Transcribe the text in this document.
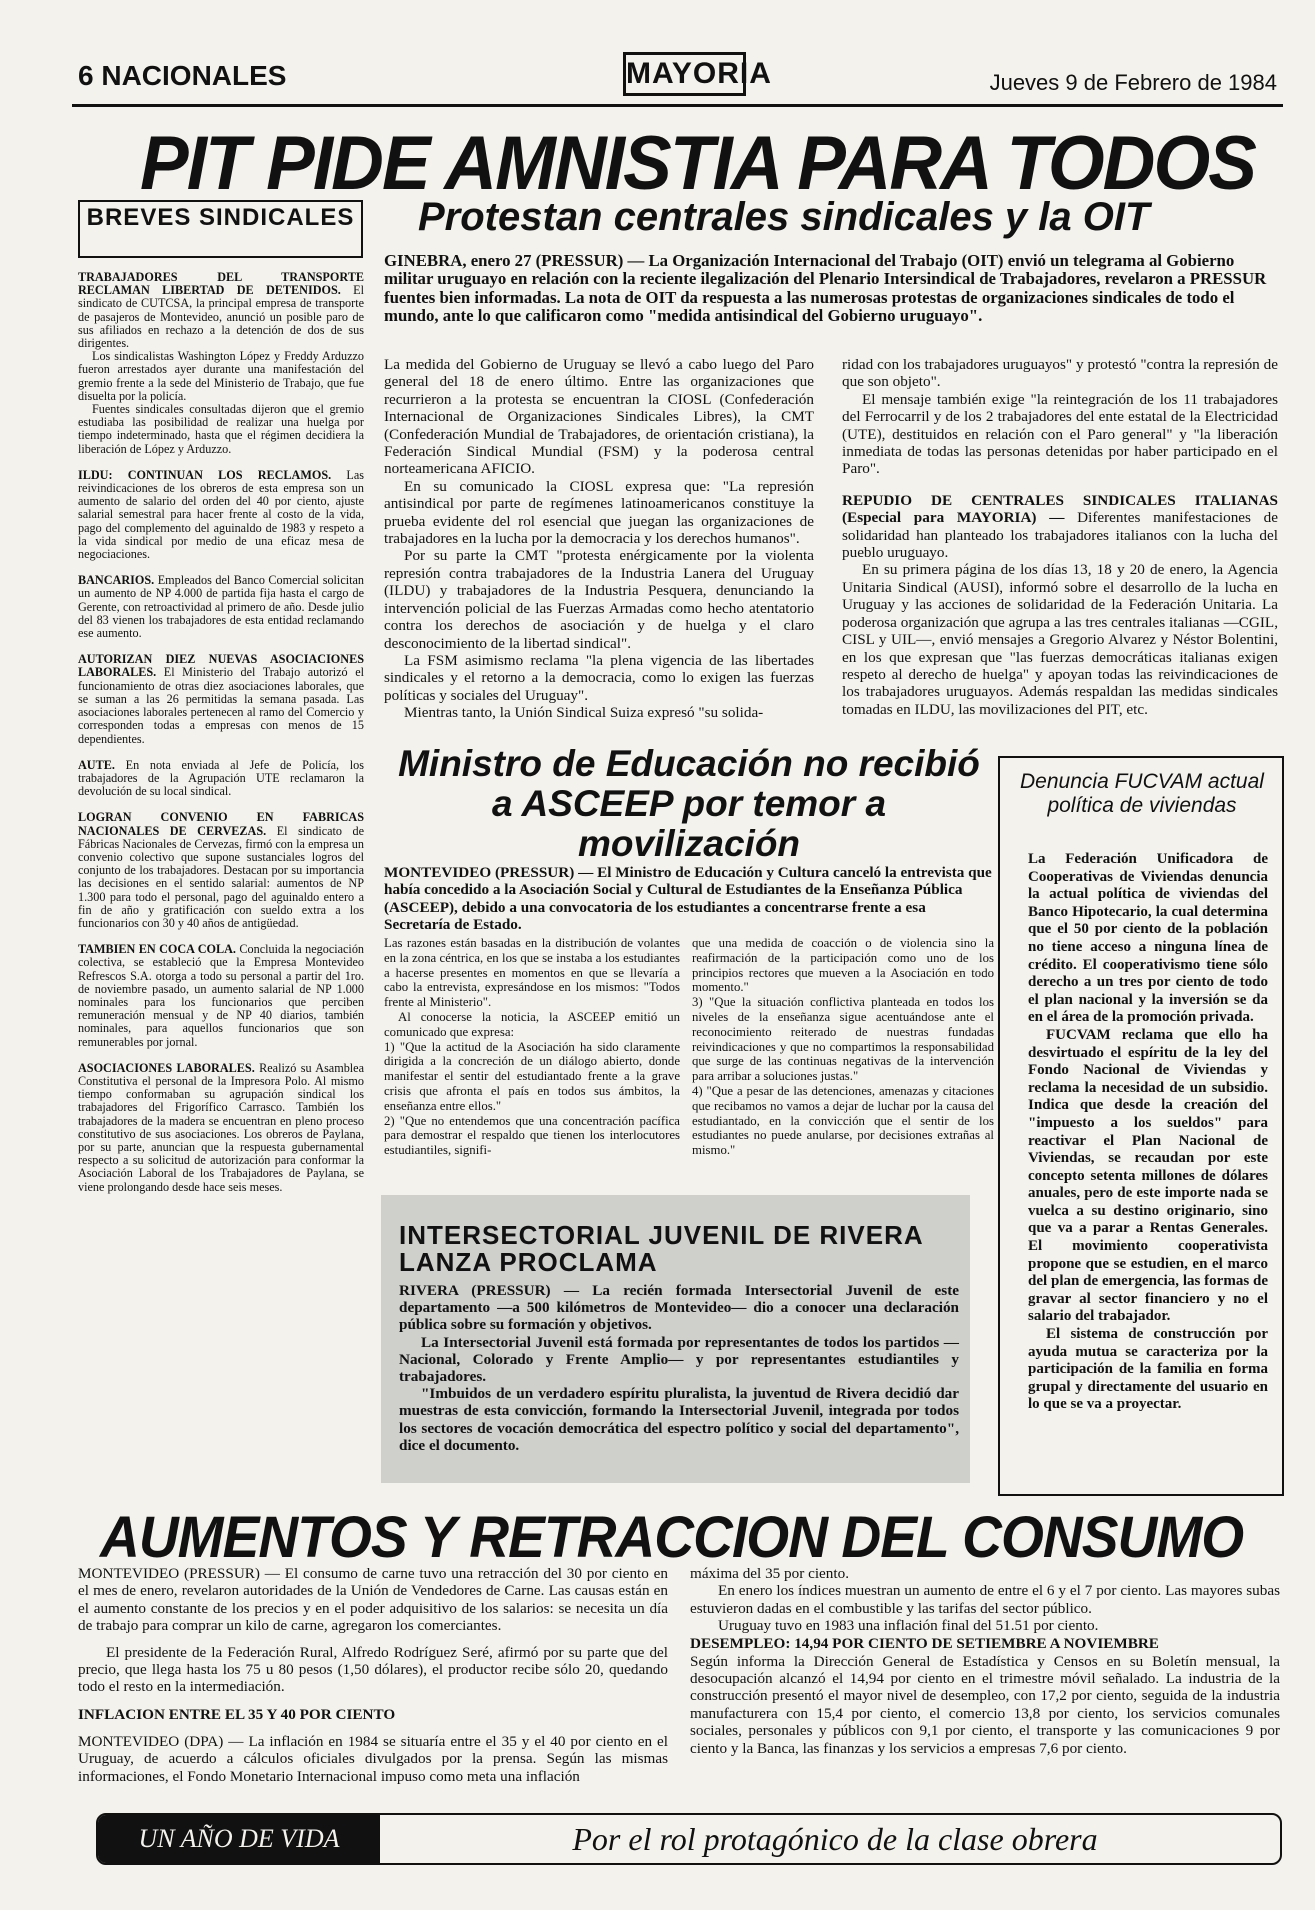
6 NACIONALES	MAYORIA	Jueves 9 de Febrero de 1984
PIT PIDE AMNISTIA PARA TODOS
BREVES SINDICALES

TRABAJADORES DEL TRANSPORTE RECLAMAN LIBERTAD DE DETENIDOS. El sindicato de CUTCSA, la principal empresa de transporte de pasajeros de Montevideo, anunció un posible paro de sus afiliados en rechazo a la detención de dos de sus dirigentes.

Los sindicalistas Washington López y Freddy Arduzzo fueron arrestados ayer durante una manifestación del gremio frente a la sede del Ministerio de Trabajo, que fue disuelta por la policía.

Fuentes sindicales consultadas dijeron que el gremio estudiaba las posibilidad de realizar una huelga por tiempo indeterminado, hasta que el régimen decidiera la liberación de López y Arduzzo.

ILDU: CONTINUAN LOS RECLAMOS. Las reivindicaciones de los obreros de esta empresa son un aumento de salario del orden del 40 por ciento, ajuste salarial semestral para hacer frente al costo de la vida, pago del complemento del aguinaldo de 1983 y respeto a la vida sindical por medio de una eficaz mesa de negociaciones.

BANCARIOS. Empleados del Banco Comercial solicitan un aumento de NP 4.000 de partida fija hasta el cargo de Gerente, con retroactividad al primero de año. Desde julio del 83 vienen los trabajadores de esta entidad reclamando ese aumento.

AUTORIZAN DIEZ NUEVAS ASOCIACIONES LABORALES. El Ministerio del Trabajo autorizó el funcionamiento de otras diez asociaciones laborales, que se suman a las 26 permitidas la semana pasada. Las asociaciones laborales pertenecen al ramo del Comercio y corresponden todas a empresas con menos de 15 dependientes.

AUTE. En nota enviada al Jefe de Policía, los trabajadores de la Agrupación UTE reclamaron la devolución de su local sindical.

LOGRAN CONVENIO EN FABRICAS NACIONALES DE CERVEZAS. El sindicato de Fábricas Nacionales de Cervezas, firmó con la empresa un convenio colectivo que supone sustanciales logros del conjunto de los trabajadores. Destacan por su importancia las decisiones en el sentido salarial: aumentos de NP 1.300 para todo el personal, pago del aguinaldo entero a fin de año y gratificación con sueldo extra a los funcionarios con 30 y 40 años de antigüedad.

TAMBIEN EN COCA COLA. Concluida la negociación colectiva, se estableció que la Empresa Montevideo Refrescos S.A. otorga a todo su personal a partir del 1ro. de noviembre pasado, un aumento salarial de NP 1.000 nominales para los funcionarios que perciben remuneración mensual y de NP 40 diarios, también nominales, para aquellos funcionarios que son remunerables por jornal.

ASOCIACIONES LABORALES. Realizó su Asamblea Constitutiva el personal de la Impresora Polo. Al mismo tiempo conformaban su agrupación sindical los trabajadores del Frigorífico Carrasco. También los trabajadores de la madera se encuentran en pleno proceso constitutivo de sus asociaciones. Los obreros de Paylana, por su parte, anuncian que la respuesta gubernamental respecto a su solicitud de autorización para conformar la Asociación Laboral de los Trabajadores de Paylana, se viene prolongando desde hace seis meses.

Protestan centrales sindicales y la OIT
GINEBRA, enero 27 (PRESSUR) — La Organización Internacional del Trabajo (OIT) envió un telegrama al Gobierno militar uruguayo en relación con la reciente ilegalización del Plenario Intersindical de Trabajadores, revelaron a PRESSUR fuentes bien informadas. La nota de OIT da respuesta a las numerosas protestas de organizaciones sindicales de todo el mundo, ante lo que calificaron como "medida antisindical del Gobierno uruguayo".

La medida del Gobierno de Uruguay se llevó a cabo luego del Paro general del 18 de enero último. Entre las organizaciones que recurrieron a la protesta se encuentran la CIOSL (Confederación Internacional de Organizaciones Sindicales Libres), la CMT (Confederación Mundial de Trabajadores, de orientación cristiana), la Federación Sindical Mundial (FSM) y la poderosa central norteamericana AFICIO.

En su comunicado la CIOSL expresa que: "La represión antisindical por parte de regímenes latinoamericanos constituye la prueba evidente del rol esencial que juegan las organizaciones de trabajadores en la lucha por la democracia y los derechos humanos".

Por su parte la CMT "protesta enérgicamente por la violenta represión contra trabajadores de la Industria Lanera del Uruguay (ILDU) y trabajadores de la Industria Pesquera, denunciando la intervención policial de las Fuerzas Armadas como hecho atentatorio contra los derechos de asociación y de huelga y el claro desconocimiento de la libertad sindical".

La FSM asimismo reclama "la plena vigencia de las libertades sindicales y el retorno a la democracia, como lo exigen las fuerzas políticas y sociales del Uruguay".

Mientras tanto, la Unión Sindical Suiza expresó "su solida-

ridad con los trabajadores uruguayos" y protestó "contra la represión de que son objeto".

El mensaje también exige "la reintegración de los 11 trabajadores del Ferrocarril y de los 2 trabajadores del ente estatal de la Electricidad (UTE), destituidos en relación con el Paro general" y "la liberación inmediata de todas las personas detenidas por haber participado en el Paro".

REPUDIO DE CENTRALES SINDICALES ITALIANAS (Especial para MAYORIA) — Diferentes manifestaciones de solidaridad han planteado los trabajadores italianos con la lucha del pueblo uruguayo.

En su primera página de los días 13, 18 y 20 de enero, la Agencia Unitaria Sindical (AUSI), informó sobre el desarrollo de la lucha en Uruguay y las acciones de solidaridad de la Federación Unitaria. La poderosa organización que agrupa a las tres centrales italianas —CGIL, CISL y UIL—, envió mensajes a Gregorio Alvarez y Néstor Bolentini, en los que expresan que "las fuerzas democráticas italianas exigen respeto al derecho de huelga" y apoyan todas las reivindicaciones de los trabajadores uruguayos. Además respaldan las medidas sindicales tomadas en ILDU, las movilizaciones del PIT, etc.

Ministro de Educación no recibió a ASCEEP por temor a movilización
MONTEVIDEO (PRESSUR) — El Ministro de Educación y Cultura canceló la entrevista que había concedido a la Asociación Social y Cultural de Estudiantes de la Enseñanza Pública (ASCEEP), debido a una convocatoria de los estudiantes a concentrarse frente a esa Secretaría de Estado.

Las razones están basadas en la distribución de volantes en la zona céntrica, en los que se instaba a los estudiantes a hacerse presentes en momentos en que se llevaría a cabo la entrevista, expresándose en los mismos: "Todos frente al Ministerio".

Al conocerse la noticia, la ASCEEP emitió un comunicado que expresa:

1) "Que la actitud de la Asociación ha sido claramente dirigida a la concreción de un diálogo abierto, donde manifestar el sentir del estudiantado frente a la grave crisis que afronta el país en todos sus ámbitos, la enseñanza entre ellos."

2) "Que no entendemos que una concentración pacífica para demostrar el respaldo que tienen los interlocutores estudiantiles, signifi-

que una medida de coacción o de violencia sino la reafirmación de la participación como uno de los principios rectores que mueven a la Asociación en todo momento."

3) "Que la situación conflictiva planteada en todos los niveles de la enseñanza sigue acentuándose ante el reconocimiento reiterado de nuestras fundadas reivindicaciones y que no compartimos la responsabilidad que surge de las continuas negativas de la intervención para arribar a soluciones justas."

4) "Que a pesar de las detenciones, amenazas y citaciones que recibamos no vamos a dejar de luchar por la causa del estudiantado, en la convicción que el sentir de los estudiantes no puede anularse, por decisiones extrañas al mismo."

Denuncia FUCVAM actual política de viviendas

La Federación Unificadora de Cooperativas de Viviendas denuncia la actual política de viviendas del Banco Hipotecario, la cual determina que el 50 por ciento de la población no tiene acceso a ninguna línea de crédito. El cooperativismo tiene sólo derecho a un tres por ciento de todo el plan nacional y la inversión se da en el área de la promoción privada.

FUCVAM reclama que ello ha desvirtuado el espíritu de la ley del Fondo Nacional de Viviendas y reclama la necesidad de un subsidio. Indica que desde la creación del "impuesto a los sueldos" para reactivar el Plan Nacional de Viviendas, se recaudan por este concepto setenta millones de dólares anuales, pero de este importe nada se vuelca a su destino originario, sino que va a parar a Rentas Generales. El movimiento cooperativista propone que se estudien, en el marco del plan de emergencia, las formas de gravar al sector financiero y no el salario del trabajador.

El sistema de construcción por ayuda mutua se caracteriza por la participación de la familia en forma grupal y directamente del usuario en lo que se va a proyectar.

INTERSECTORIAL JUVENIL DE RIVERA LANZA PROCLAMA

RIVERA (PRESSUR) — La recién formada Intersectorial Juvenil de este departamento —a 500 kilómetros de Montevideo— dio a conocer una declaración pública sobre su formación y objetivos.

La Intersectorial Juvenil está formada por representantes de todos los partidos —Nacional, Colorado y Frente Amplio— y por representantes estudiantiles y trabajadores.

"Imbuidos de un verdadero espíritu pluralista, la juventud de Rivera decidió dar muestras de esta convicción, formando la Intersectorial Juvenil, integrada por todos los sectores de vocación democrática del espectro político y social del departamento", dice el documento.

AUMENTOS Y RETRACCION DEL CONSUMO

MONTEVIDEO (PRESSUR) — El consumo de carne tuvo una retracción del 30 por ciento en el mes de enero, revelaron autoridades de la Unión de Vendedores de Carne. Las causas están en el aumento constante de los precios y en el poder adquisitivo de los salarios: se necesita un día de trabajo para comprar un kilo de carne, agregaron los comerciantes.

El presidente de la Federación Rural, Alfredo Rodríguez Seré, afirmó por su parte que del precio, que llega hasta los 75 u 80 pesos (1,50 dólares), el productor recibe sólo 20, quedando todo el resto en la intermediación.

INFLACION ENTRE EL 35 Y 40 POR CIENTO

MONTEVIDEO (DPA) — La inflación en 1984 se situaría entre el 35 y el 40 por ciento en el Uruguay, de acuerdo a cálculos oficiales divulgados por la prensa. Según las mismas informaciones, el Fondo Monetario Internacional impuso como meta una inflación

máxima del 35 por ciento.

En enero los índices muestran un aumento de entre el 6 y el 7 por ciento. Las mayores subas estuvieron dadas en el combustible y las tarifas del sector público.

Uruguay tuvo en 1983 una inflación final del 51.51 por ciento.

DESEMPLEO: 14,94 POR CIENTO DE SETIEMBRE A NOVIEMBRE

Según informa la Dirección General de Estadística y Censos en su Boletín mensual, la desocupación alcanzó el 14,94 por ciento en el trimestre móvil señalado. La industria de la construcción presentó el mayor nivel de desempleo, con 17,2 por ciento, seguida de la industria manufacturera con 15,4 por ciento, el comercio 13,8 por ciento, los servicios comunales sociales, personales y públicos con 9,1 por ciento, el transporte y las comunicaciones 9 por ciento y la Banca, las finanzas y los servicios a empresas 7,6 por ciento.

UN AÑO DE VIDA	Por el rol protagónico de la clase obrera
